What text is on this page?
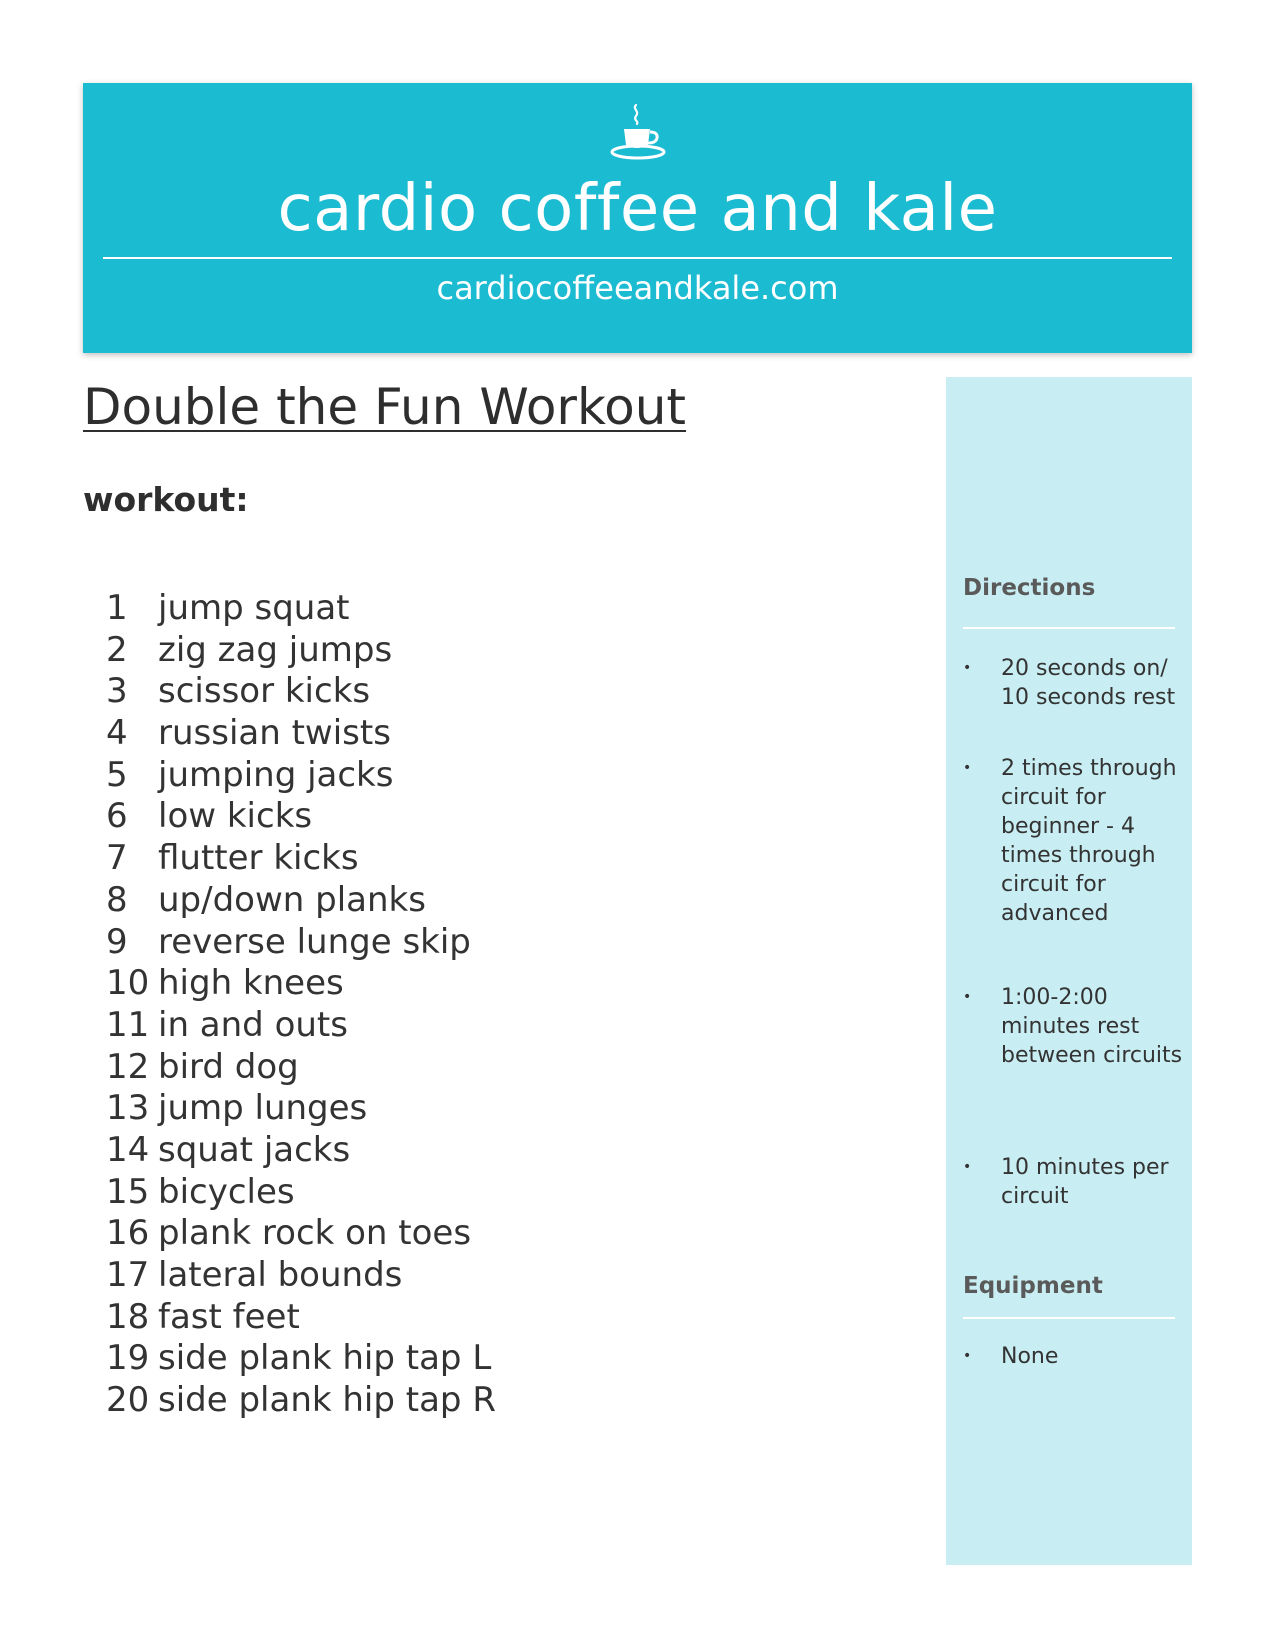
cardio coffee and kale
cardiocoffeeandkale.com
Double the Fun Workout
workout:
1 jump squat
2 zig zag jumps
3 scissor kicks
4 russian twists
5 jumping jacks
6 low kicks
7 flutter kicks
8 up/down planks
9 reverse lunge skip
10 high knees
11 in and outs
12 bird dog
13 jump lunges
14 squat jacks
15 bicycles
16 plank rock on toes
17 lateral bounds
18 fast feet
19 side plank hip tap L
20 side plank hip tap R
Directions
•	20 seconds on/ 10 seconds rest
•	2 times through circuit for beginner - 4 times through circuit for advanced
•	1:00-2:00 minutes rest between circuits
•	10 minutes per circuit
Equipment
•	None
